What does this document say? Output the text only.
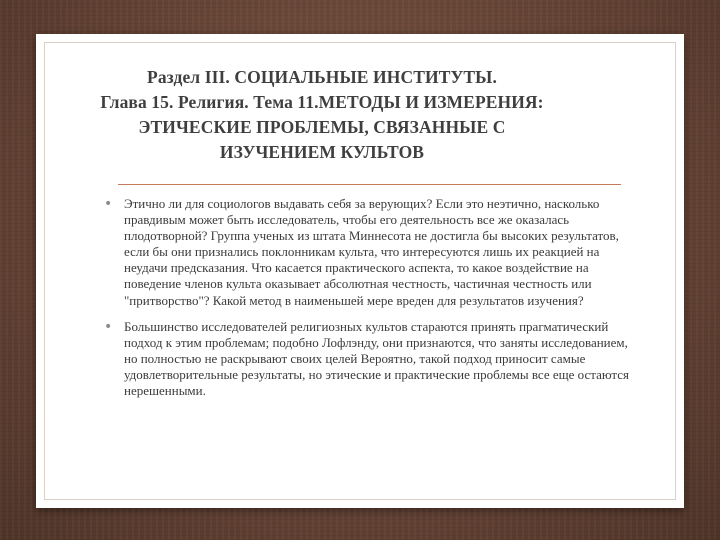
Раздел III. СОЦИАЛЬНЫЕ ИНСТИТУТЫ.
Глава 15. Религия. Тема 11.МЕТОДЫ И ИЗМЕРЕНИЯ:
ЭТИЧЕСКИЕ ПРОБЛЕМЫ, СВЯЗАННЫЕ С
ИЗУЧЕНИЕМ КУЛЬТОВ
• Этично ли для социологов выдавать себя за верующих? Если это неэтично, насколько правдивым может быть исследователь, чтобы его деятельность все же оказалась плодотворной? Группа ученых из штата Миннесота не достигла бы высоких результатов, если бы они признались поклонникам культа, что интересуются лишь их реакцией на неудачи предсказания. Что касается практического аспекта, то какое воздействие на поведение членов культа оказывает абсолютная честность, частичная честность или "притворство"? Какой метод в наименьшей мере вреден для результатов изучения?

• Большинство исследователей религиозных культов стараются принять прагматический подход к этим проблемам; подобно Лофлэнду, они признаются, что заняты исследованием, но полностью не раскрывают своих целей Вероятно, такой подход приносит самые удовлетворительные результаты, но этические и практические проблемы все еще остаются нерешенными.
